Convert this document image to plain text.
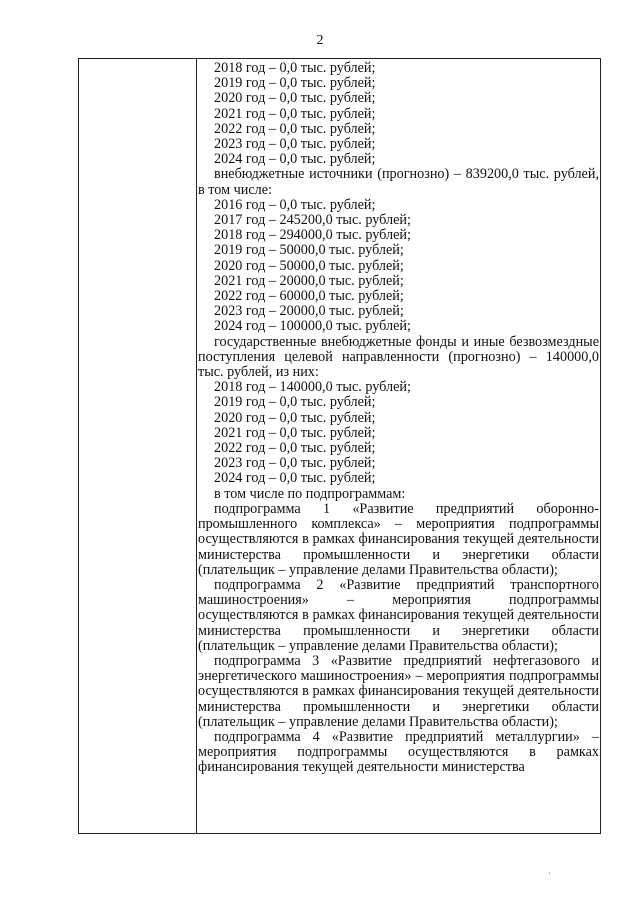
2

2018 год – 0,0 тыс. рублей;

2019 год – 0,0 тыс. рублей;

2020 год – 0,0 тыс. рублей;

2021 год – 0,0 тыс. рублей;

2022 год – 0,0 тыс. рублей;

2023 год – 0,0 тыс. рублей;

2024 год – 0,0 тыс. рублей;

внебюджетные источники (прогнозно) – 839200,0 тыс. рублей, в том числе:

2016 год – 0,0 тыс. рублей;

2017 год – 245200,0 тыс. рублей;

2018 год – 294000,0 тыс. рублей;

2019 год – 50000,0 тыс. рублей;

2020 год – 50000,0 тыс. рублей;

2021 год – 20000,0 тыс. рублей;

2022 год – 60000,0 тыс. рублей;

2023 год – 20000,0 тыс. рублей;

2024 год – 100000,0 тыс. рублей;

государственные внебюджетные фонды и иные безвозмездные поступления целевой направленности (прогнозно) – 140000,0 тыс. рублей, из них:

2018 год – 140000,0 тыс. рублей;

2019 год – 0,0 тыс. рублей;

2020 год – 0,0 тыс. рублей;

2021 год – 0,0 тыс. рублей;

2022 год – 0,0 тыс. рублей;

2023 год – 0,0 тыс. рублей;

2024 год – 0,0 тыс. рублей;

в том числе по подпрограммам:

подпрограмма 1 «Развитие предприятий оборонно-промышленного комплекса» – мероприятия подпрограммы осуществляются в рамках финансирования текущей деятельности министерства промышленности и энергетики области (плательщик – управление делами Правительства области);

подпрограмма 2 «Развитие предприятий транспортного машиностроения» – мероприятия подпрограммы осуществляются в рамках финансирования текущей деятельности министерства промышленности и энергетики области (плательщик – управление делами Правительства области);

подпрограмма 3 «Развитие предприятий нефтегазового и энергетического машиностроения» – мероприятия подпрограммы осуществляются в рамках финансирования текущей деятельности министерства промышленности и энергетики области (плательщик – управление делами Правительства области);

подпрограмма 4 «Развитие предприятий металлургии» – мероприятия подпрограммы осуществляются в рамках финансирования текущей деятельности министерства

·
